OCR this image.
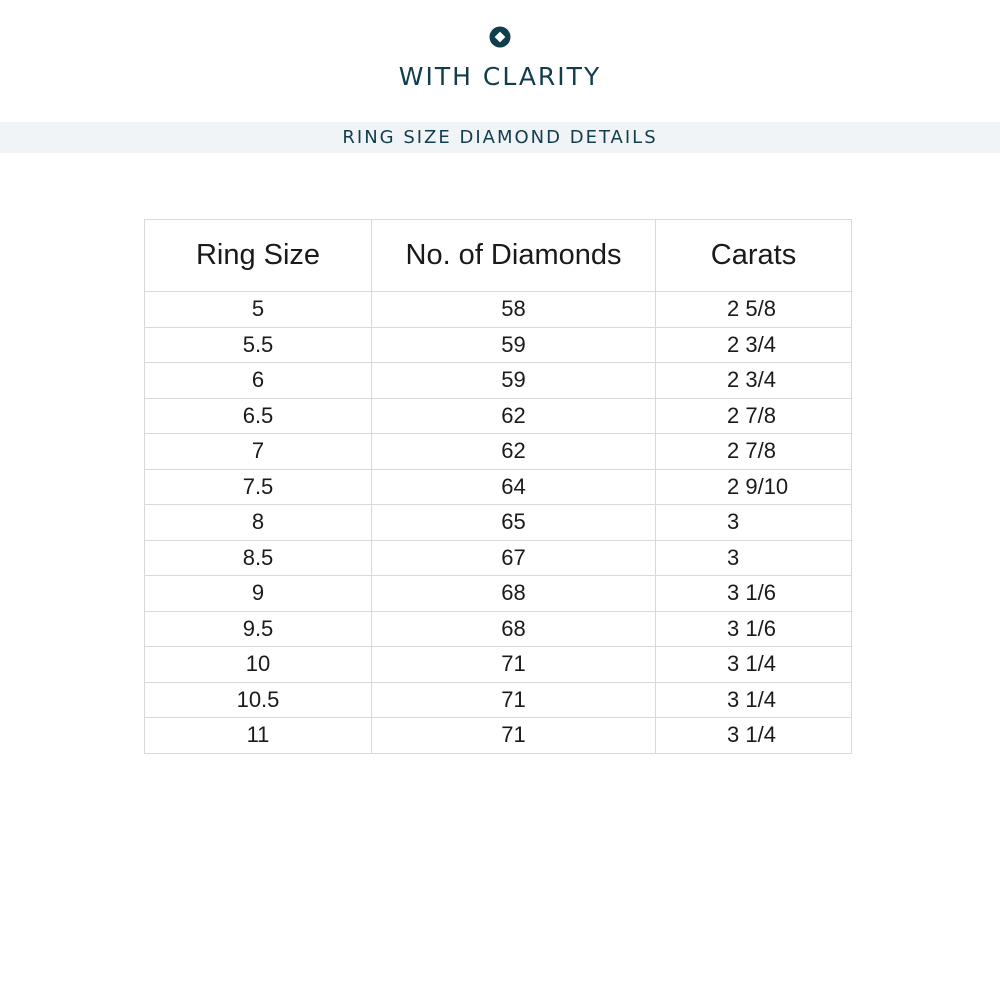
WITH CLARITY
RING SIZE DIAMOND DETAILS
Ring Size	No. of Diamonds	Carats
5	58	2 5/8
5.5	59	2 3/4
6	59	2 3/4
6.5	62	2 7/8
7	62	2 7/8
7.5	64	2 9/10
8	65	3
8.5	67	3
9	68	3 1/6
9.5	68	3 1/6
10	71	3 1/4
10.5	71	3 1/4
11	71	3 1/4
